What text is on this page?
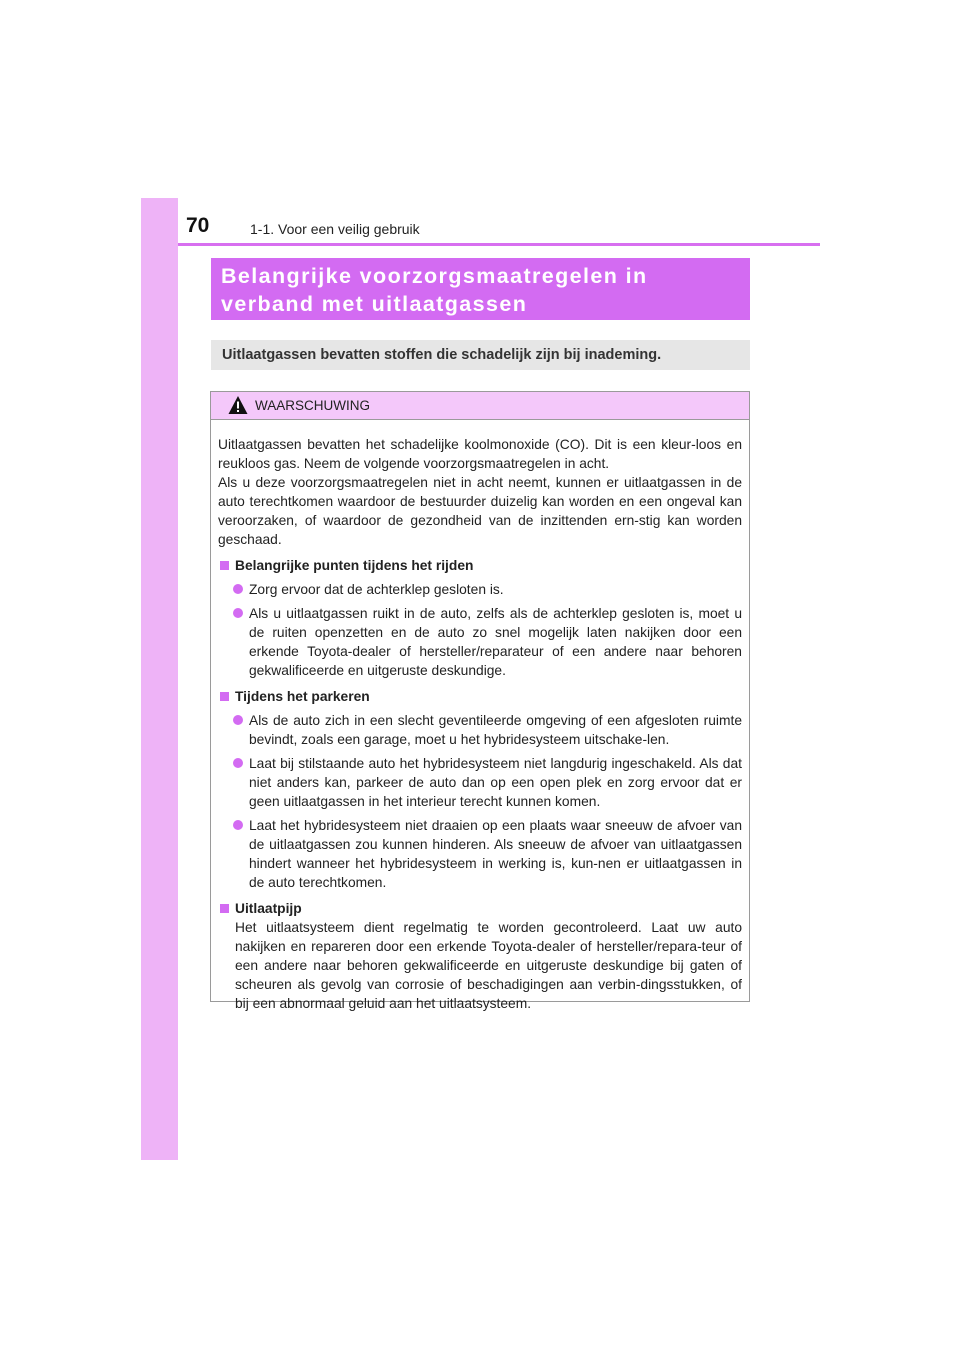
70	1-1. Voor een veilig gebruik
Belangrijke voorzorgsmaatregelen in verband met uitlaatgassen
Uitlaatgassen bevatten stoffen die schadelijk zijn bij inademing.
WAARSCHUWING
Uitlaatgassen bevatten het schadelijke koolmonoxide (CO). Dit is een kleur-loos en reukloos gas. Neem de volgende voorzorgsmaatregelen in acht.
Als u deze voorzorgsmaatregelen niet in acht neemt, kunnen er uitlaatgassen in de auto terechtkomen waardoor de bestuurder duizelig kan worden en een ongeval kan veroorzaken, of waardoor de gezondheid van de inzittenden ern-stig kan worden geschaad.
Belangrijke punten tijdens het rijden
Zorg ervoor dat de achterklep gesloten is.
Als u uitlaatgassen ruikt in de auto, zelfs als de achterklep gesloten is, moet u de ruiten openzetten en de auto zo snel mogelijk laten nakijken door een erkende Toyota-dealer of hersteller/reparateur of een andere naar behoren gekwalificeerde en uitgeruste deskundige.
Tijdens het parkeren
Als de auto zich in een slecht geventileerde omgeving of een afgesloten ruimte bevindt, zoals een garage, moet u het hybridesysteem uitschake-len.
Laat bij stilstaande auto het hybridesysteem niet langdurig ingeschakeld. Als dat niet anders kan, parkeer de auto dan op een open plek en zorg ervoor dat er geen uitlaatgassen in het interieur terecht kunnen komen.
Laat het hybridesysteem niet draaien op een plaats waar sneeuw de afvoer van de uitlaatgassen zou kunnen hinderen. Als sneeuw de afvoer van uitlaatgassen hindert wanneer het hybridesysteem in werking is, kun-nen er uitlaatgassen in de auto terechtkomen.
Uitlaatpijp
Het uitlaatsysteem dient regelmatig te worden gecontroleerd. Laat uw auto nakijken en repareren door een erkende Toyota-dealer of hersteller/repara-teur of een andere naar behoren gekwalificeerde en uitgeruste deskundige bij gaten of scheuren als gevolg van corrosie of beschadigingen aan verbin-dingsstukken, of bij een abnormaal geluid aan het uitlaatsysteem.
